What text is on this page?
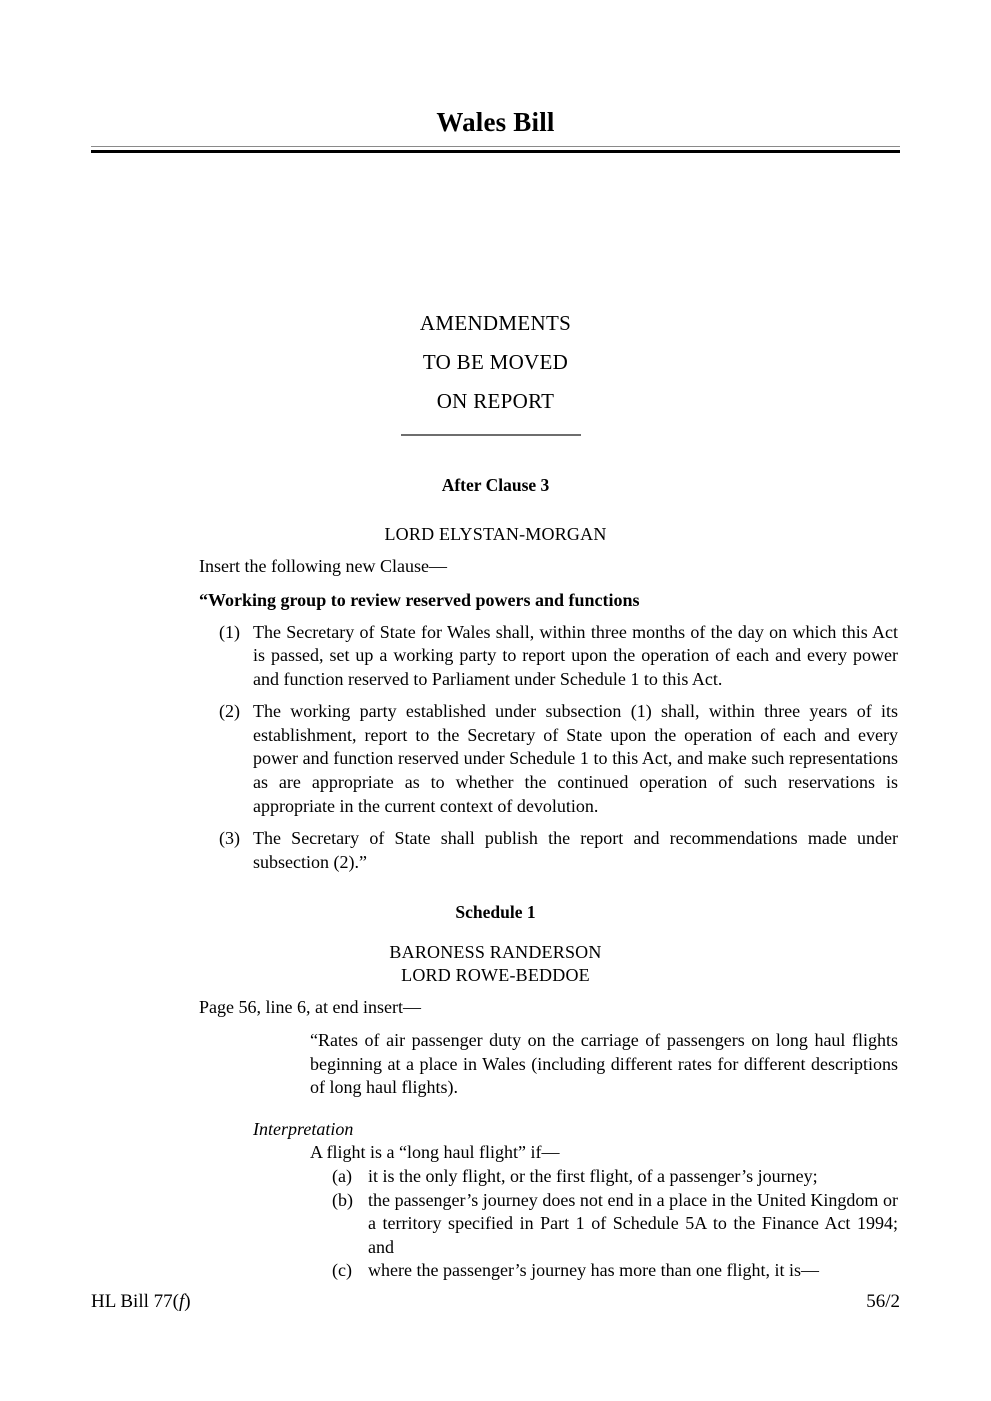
Wales Bill
AMENDMENTS
TO BE MOVED
ON REPORT
After Clause 3
LORD ELYSTAN-MORGAN
Insert the following new Clause—
“Working group to review reserved powers and functions
(1) The Secretary of State for Wales shall, within three months of the day on which this Act is passed, set up a working party to report upon the operation of each and every power and function reserved to Parliament under Schedule 1 to this Act.
(2) The working party established under subsection (1) shall, within three years of its establishment, report to the Secretary of State upon the operation of each and every power and function reserved under Schedule 1 to this Act, and make such representations as are appropriate as to whether the continued operation of such reservations is appropriate in the current context of devolution.
(3) The Secretary of State shall publish the report and recommendations made under subsection (2).”
Schedule 1
BARONESS RANDERSON
LORD ROWE-BEDDOE
Page 56, line 6, at end insert—
“Rates of air passenger duty on the carriage of passengers on long haul flights beginning at a place in Wales (including different rates for different descriptions of long haul flights).
Interpretation
A flight is a “long haul flight” if—
(a) it is the only flight, or the first flight, of a passenger’s journey;
(b) the passenger’s journey does not end in a place in the United Kingdom or a territory specified in Part 1 of Schedule 5A to the Finance Act 1994; and
(c) where the passenger’s journey has more than one flight, it is—
HL Bill 77(f)	56/2
